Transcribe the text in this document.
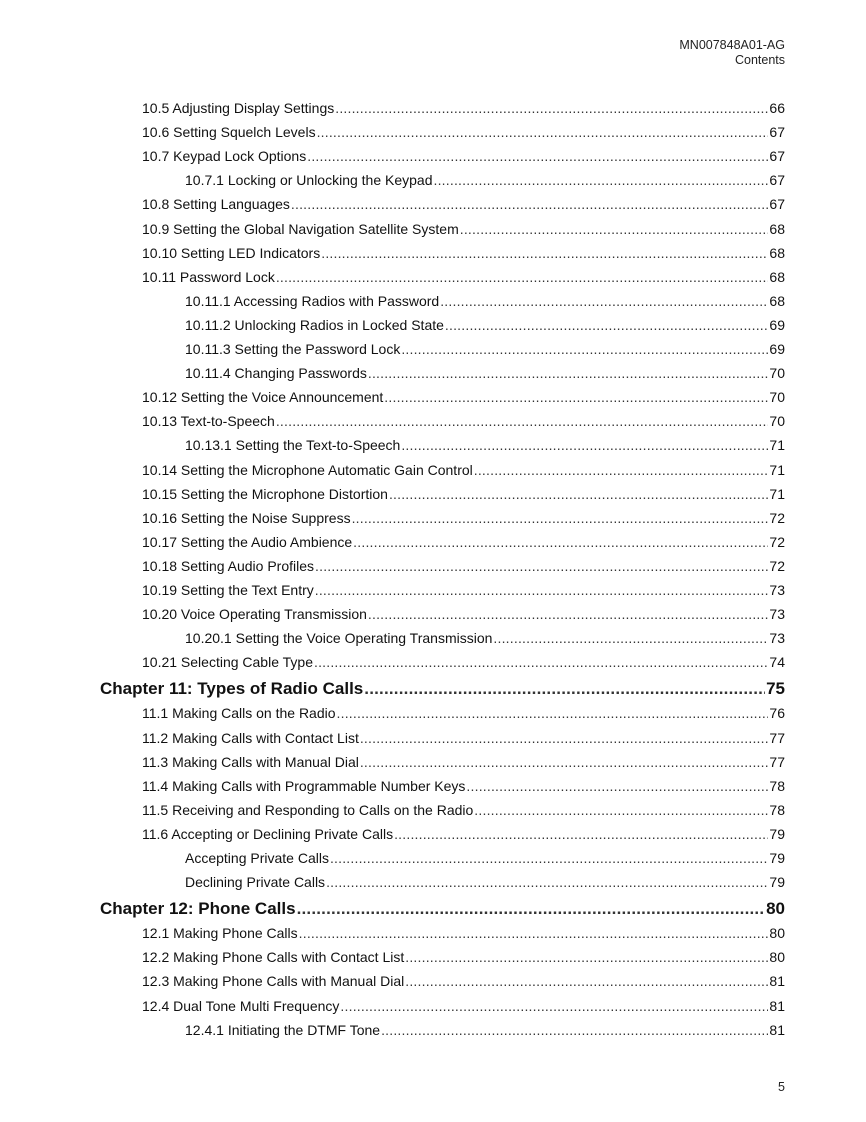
MN007848A01-AG
Contents
10.5 Adjusting Display Settings .....	66
10.6 Setting Squelch Levels .....	67
10.7 Keypad Lock Options .....	67
10.7.1 Locking or Unlocking the Keypad .....	67
10.8 Setting Languages .....	67
10.9 Setting the Global Navigation Satellite System .....	68
10.10 Setting LED Indicators .....	68
10.11 Password Lock .....	68
10.11.1 Accessing Radios with Password .....	68
10.11.2 Unlocking Radios in Locked State .....	69
10.11.3 Setting the Password Lock .....	69
10.11.4 Changing Passwords .....	70
10.12 Setting the Voice Announcement .....	70
10.13 Text-to-Speech .....	70
10.13.1 Setting the Text-to-Speech .....	71
10.14 Setting the Microphone Automatic Gain Control .....	71
10.15 Setting the Microphone Distortion .....	71
10.16 Setting the Noise Suppress .....	72
10.17 Setting the Audio Ambience .....	72
10.18 Setting Audio Profiles .....	72
10.19 Setting the Text Entry .....	73
10.20 Voice Operating Transmission .....	73
10.20.1 Setting the Voice Operating Transmission .....	73
10.21 Selecting Cable Type .....	74
Chapter 11: Types of Radio Calls .....	75
11.1 Making Calls on the Radio .....	76
11.2 Making Calls with Contact List .....	77
11.3 Making Calls with Manual Dial .....	77
11.4 Making Calls with Programmable Number Keys .....	78
11.5 Receiving and Responding to Calls on the Radio .....	78
11.6 Accepting or Declining Private Calls .....	79
Accepting Private Calls .....	79
Declining Private Calls .....	79
Chapter 12: Phone Calls .....	80
12.1 Making Phone Calls .....	80
12.2 Making Phone Calls with Contact List .....	80
12.3 Making Phone Calls with Manual Dial .....	81
12.4 Dual Tone Multi Frequency .....	81
12.4.1 Initiating the DTMF Tone .....	81
5
